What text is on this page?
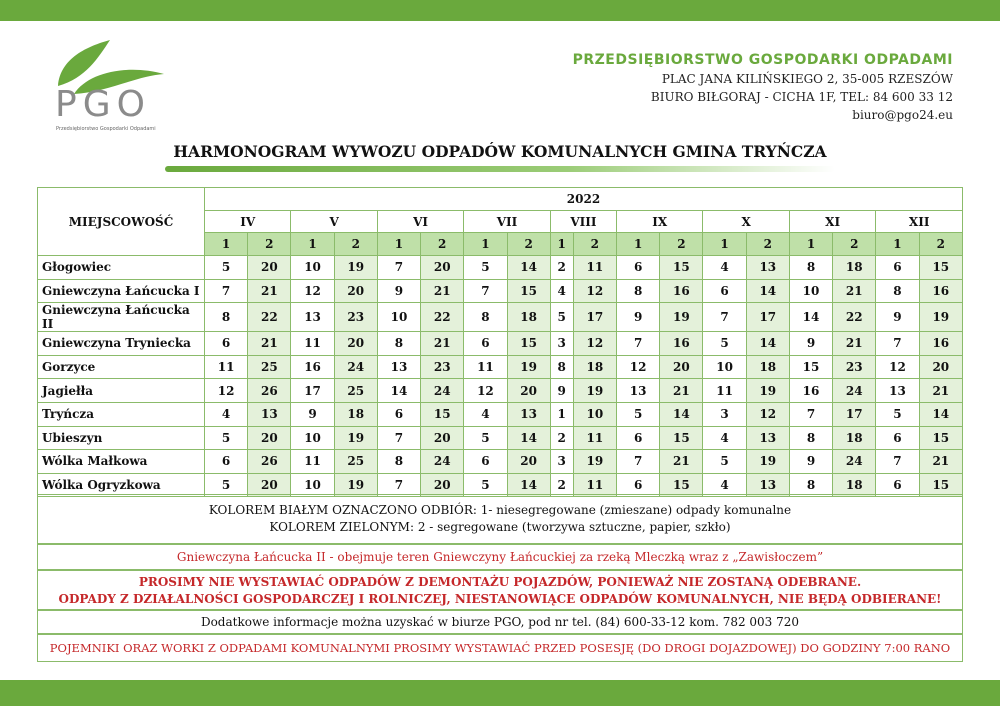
PGO
Przedsiębiorstwo Gospodarki Odpadami
PRZEDSIĘBIORSTWO GOSPODARKI ODPADAMI
PLAC JANA KILIŃSKIEGO 2, 35-005 RZESZÓW
BIURO BIŁGORAJ - CICHA 1F, TEL: 84 600 33 12
biuro@pgo24.eu
HARMONOGRAM WYWOZU ODPADÓW KOMUNALNYCH GMINA TRYŃCZA
MIEJSCOWOŚĆ	2022																	
	IV		V		VI		VII		VIII		IX		X		XI		XII	
	1	2	1	2	1	2	1	2	1	2	1	2	1	2	1	2	1	2
Głogowiec	5	20	10	19	7	20	5	14	2	11	6	15	4	13	8	18	6	15
Gniewczyna Łańcucka I	7	21	12	20	9	21	7	15	4	12	8	16	6	14	10	21	8	16
Gniewczyna Łańcucka II	8	22	13	23	10	22	8	18	5	17	9	19	7	17	14	22	9	19
Gniewczyna Tryniecka	6	21	11	20	8	21	6	15	3	12	7	16	5	14	9	21	7	16
Gorzyce	11	25	16	24	13	23	11	19	8	18	12	20	10	18	15	23	12	20
Jagiełła	12	26	17	25	14	24	12	20	9	19	13	21	11	19	16	24	13	21
Tryńcza	4	13	9	18	6	15	4	13	1	10	5	14	3	12	7	17	5	14
Ubieszyn	5	20	10	19	7	20	5	14	2	11	6	15	4	13	8	18	6	15
Wólka Małkowa	6	26	11	25	8	24	6	20	3	19	7	21	5	19	9	24	7	21
Wólka Ogryzkowa	5	20	10	19	7	20	5	14	2	11	6	15	4	13	8	18	6	15
KOLOREM BIAŁYM OZNACZONO ODBIÓR: 1- niesegregowane (zmieszane) odpady komunalne
KOLOREM ZIELONYM: 2 - segregowane (tworzywa sztuczne, papier, szkło)
Gniewczyna Łańcucka II - obejmuje teren Gniewczyny Łańcuckiej za rzeką Mleczką wraz z „Zawisłoczem”
PROSIMY NIE WYSTAWIAĆ ODPADÓW Z DEMONTAŻU POJAZDÓW, PONIEWAŻ NIE ZOSTANĄ ODEBRANE.
ODPADY Z DZIAŁALNOŚCI GOSPODARCZEJ I ROLNICZEJ, NIESTANOWIĄCE ODPADÓW KOMUNALNYCH, NIE BĘDĄ ODBIERANE!
Dodatkowe informacje można uzyskać w biurze PGO, pod nr tel. (84) 600-33-12 kom. 782 003 720
POJEMNIKI ORAZ WORKI Z ODPADAMI KOMUNALNYMI PROSIMY WYSTAWIAĆ PRZED POSESJĘ (DO DROGI DOJAZDOWEJ) DO GODZINY 7:00 RANO
